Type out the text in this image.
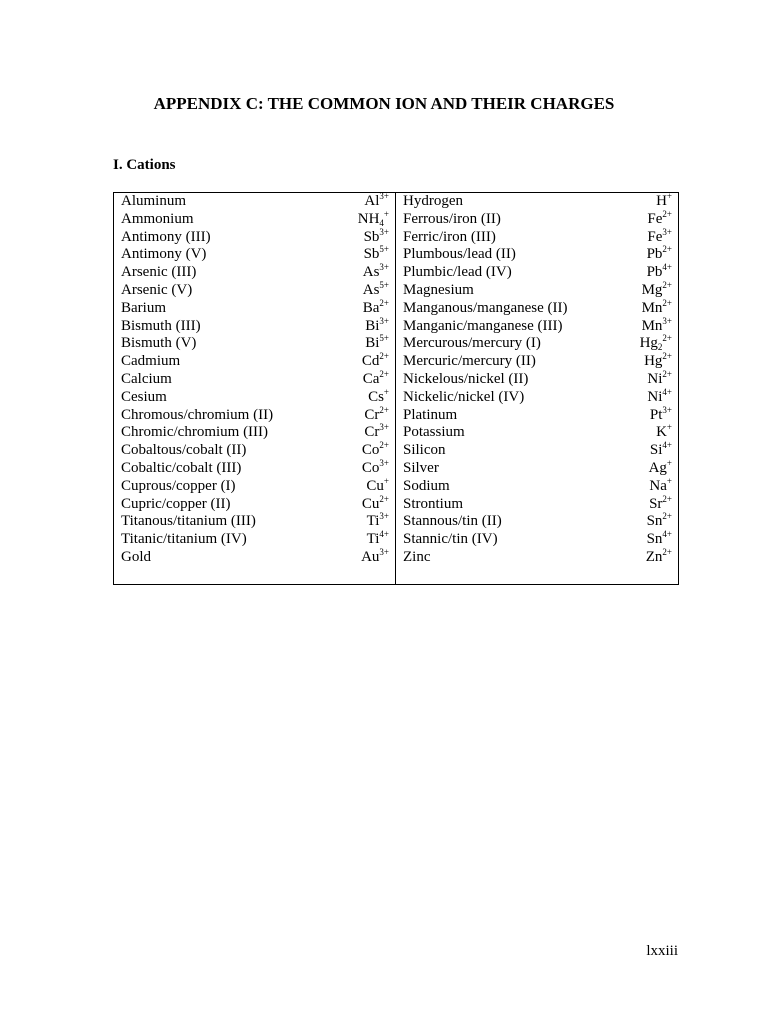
APPENDIX C: THE COMMON ION AND THEIR CHARGES
I. Cations
Aluminum	$Al^{3+}$
Ammonium	$NH_4^+$
Antimony (III)	$Sb^{3+}$
Antimony (V)	$Sb^{5+}$
Arsenic (III)	$As^{3+}$
Arsenic (V)	$As^{5+}$
Barium	$Ba^{2+}$
Bismuth (III)	$Bi^{3+}$
Bismuth (V)	$Bi^{5+}$
Cadmium	$Cd^{2+}$
Calcium	$Ca^{2+}$
Cesium	Cs+
Chromous/chromium (II)	$Cr^{2+}$
Chromic/chromium (III)	$Cr^{3+}$
Cobaltous/cobalt (II)	$Co^{2+}$
Cobaltic/cobalt (III)	$Co^{3+}$
Cuprous/copper (I)	Cu+
Cupric/copper (II)	$Cu^{2+}$
Titanous/titanium (III)	$Ti^{3+}$
Titanic/titanium (IV)	$Ti^{4+}$
Gold	$Au^{3+}$
Hydrogen	H+
Ferrous/iron (II)	$Fe^{2+}$
Ferric/iron (III)	$Fe^{3+}$
Plumbous/lead (II)	$Pb^{2+}$
Plumbic/lead (IV)	$Pb^{4+}$
Magnesium	$Mg^{2+}$
Manganous/manganese (II)	$Mn^{2+}$
Manganic/manganese (III)	$Mn^{3+}$
Mercurous/mercury (I)	$Hg_2^{2+}$
Mercuric/mercury (II)	$Hg^{2+}$
Nickelous/nickel (II)	$Ni^{2+}$
Nickelic/nickel (IV)	$Ni^{4+}$
Platinum	$Pt^{3+}$
Potassium	K+
Silicon	$Si^{4+}$
Silver	Ag+
Sodium	Na+
Strontium	$Sr^{2+}$
Stannous/tin (II)	$Sn^{2+}$
Stannic/tin (IV)	$Sn^{4+}$
Zinc	$Zn^{2+}$
lxxiii
